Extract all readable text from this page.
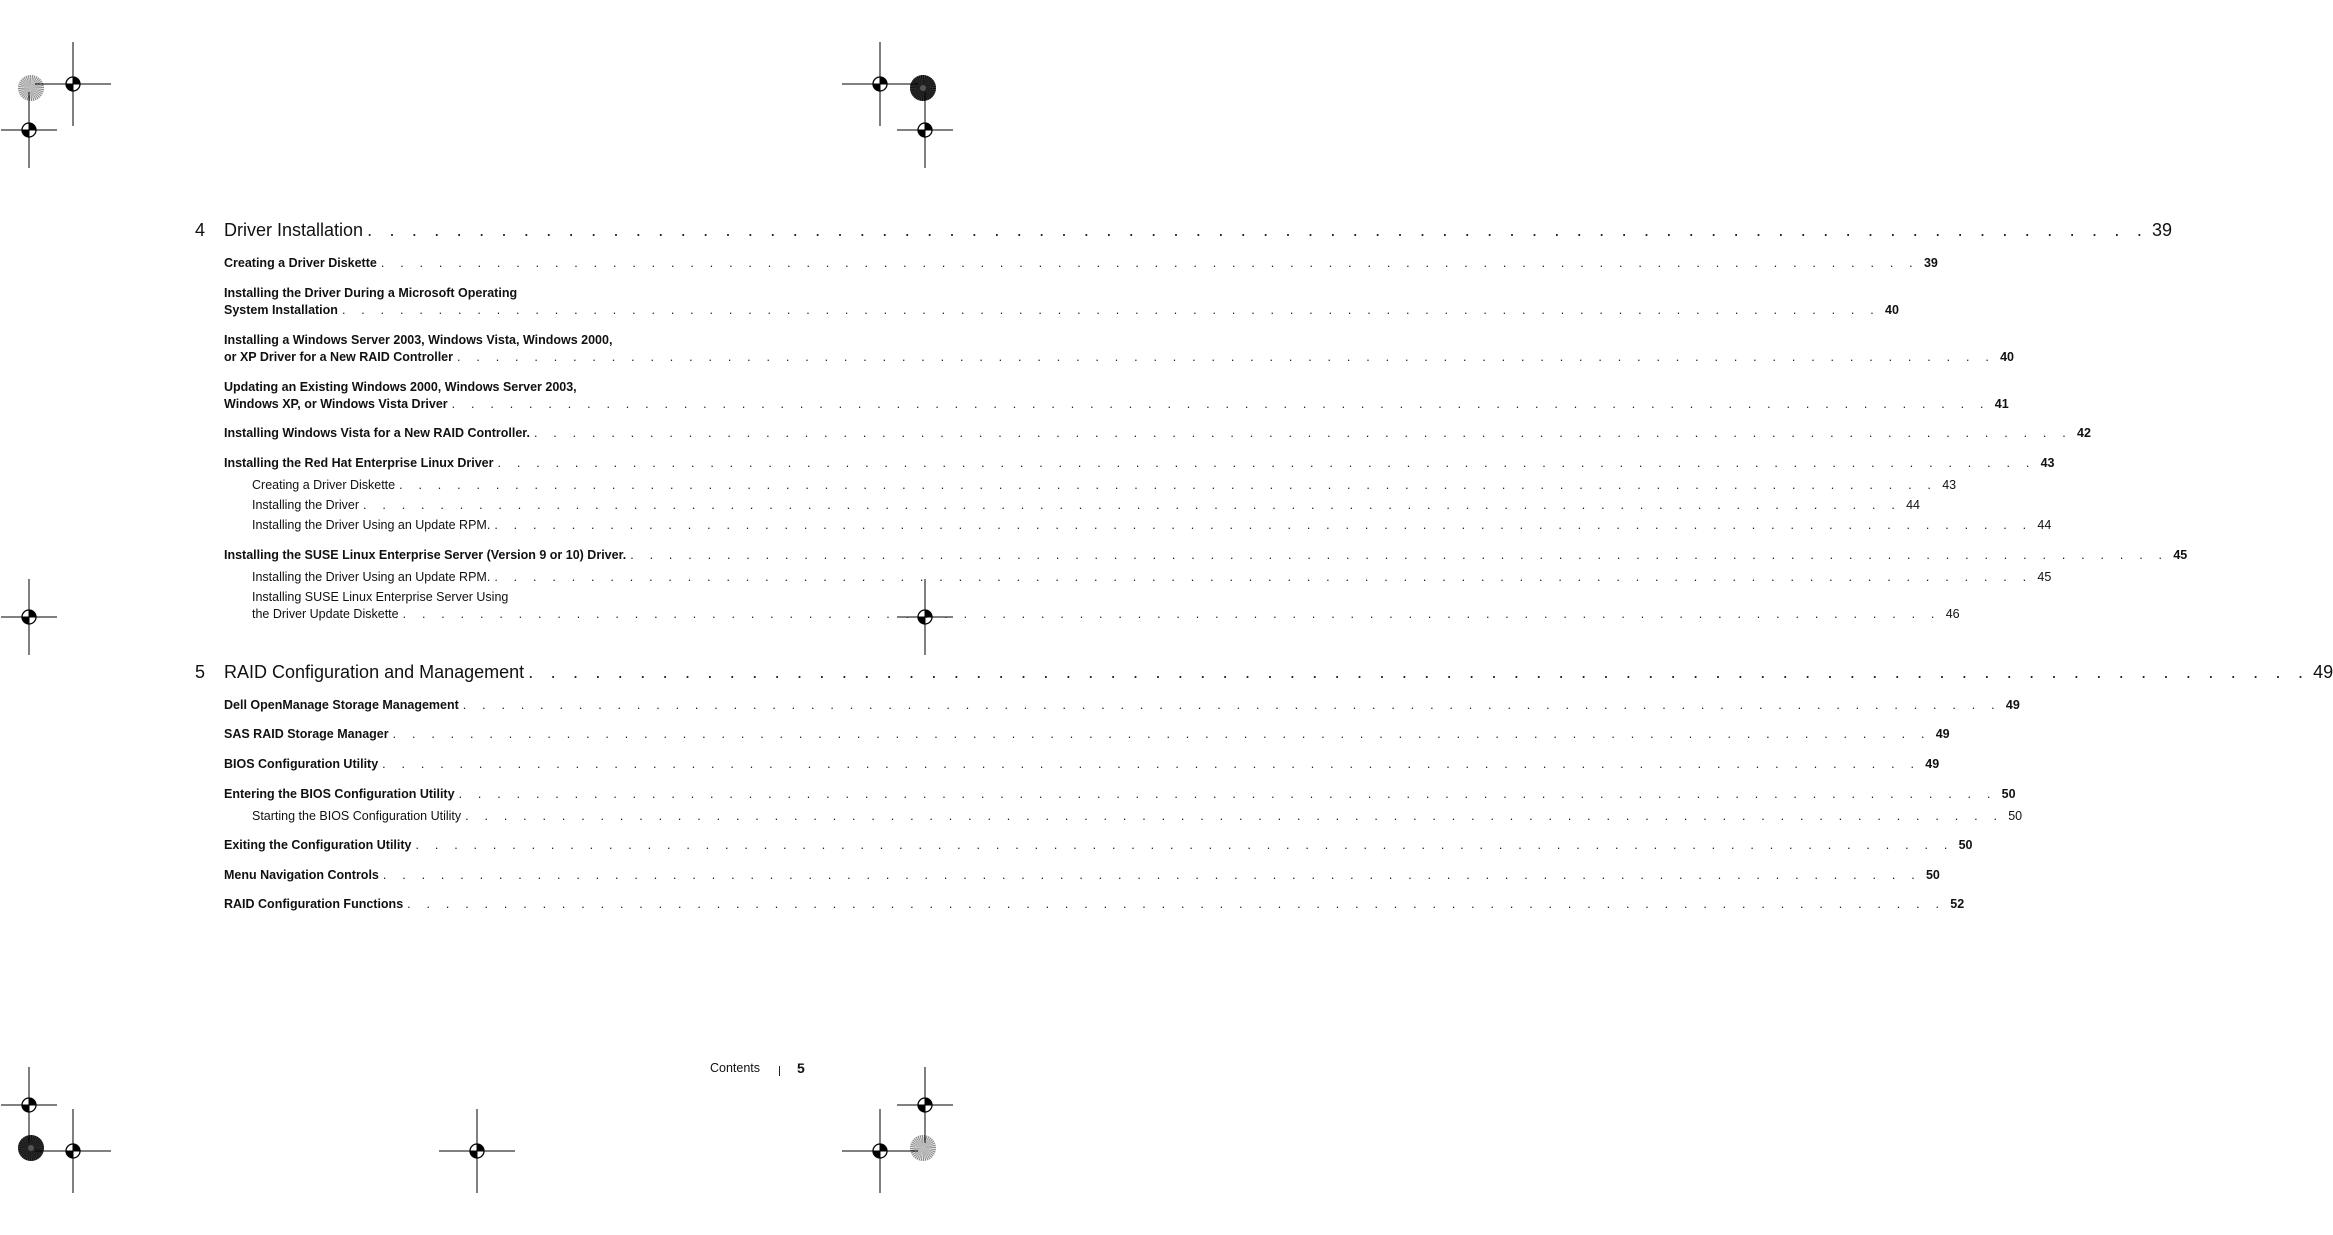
4 Driver Installation . . . . . . . . . . . . . . . . . . . . . . . . . . . . . . . . . . . . . . . . . . . . . . . . . . . . . . . . . . . . . . . . . . . . . . . . . . . . . . . . 39
Creating a Driver Diskette . . . . . . . . . . . . . . . . . . . . . . . . . . . . . . . . . . . . . . . . . . . . . . . . . . . . . . . . . . . . . . . . . . . . . . . . . . . . . . . . 39
Installing the Driver During a Microsoft Operating
System Installation . . . . . . . . . . . . . . . . . . . . . . . . . . . . . . . . . . . . . . . . . . . . . . . . . . . . . . . . . . . . . . . . . . . . . . . . . . . . . . . . 40
Installing a Windows Server 2003, Windows Vista, Windows 2000,
or XP Driver for a New RAID Controller . . . . . . . . . . . . . . . . . . . . . . . . . . . . . . . . . . . . . . . . . . . . . . . . . . . . . . . . . . . . . . . . . . . . . . . . . . . . . . . . 40
Updating an Existing Windows 2000, Windows Server 2003,
Windows XP, or Windows Vista Driver . . . . . . . . . . . . . . . . . . . . . . . . . . . . . . . . . . . . . . . . . . . . . . . . . . . . . . . . . . . . . . . . . . . . . . . . . . . . . . . . 41
Installing Windows Vista for a New RAID Controller. . . . . . . . . . . . . . . . . . . . . . . . . . . . . . . . . . . . . . . . . . . . . . . . . . . . . . . . . . . . . . . . . . . . . . . . . . . . . . . . . 42
Installing the Red Hat Enterprise Linux Driver . . . . . . . . . . . . . . . . . . . . . . . . . . . . . . . . . . . . . . . . . . . . . . . . . . . . . . . . . . . . . . . . . . . . . . . . . . . . . . . . 43
Creating a Driver Diskette . . . . . . . . . . . . . . . . . . . . . . . . . . . . . . . . . . . . . . . . . . . . . . . . . . . . . . . . . . . . . . . . . . . . . . . . . . . . . . . . 43
Installing the Driver . . . . . . . . . . . . . . . . . . . . . . . . . . . . . . . . . . . . . . . . . . . . . . . . . . . . . . . . . . . . . . . . . . . . . . . . . . . . . . . . 44
Installing the Driver Using an Update RPM. . . . . . . . . . . . . . . . . . . . . . . . . . . . . . . . . . . . . . . . . . . . . . . . . . . . . . . . . . . . . . . . . . . . . . . . . . . . . . . . . 44
Installing the SUSE Linux Enterprise Server (Version 9 or 10) Driver. . . . . . . . . . . . . . . . . . . . . . . . . . . . . . . . . . . . . . . . . . . . . . . . . . . . . . . . . . . . . . . . . . . . . . . . . . . . . . . . . 45
Installing the Driver Using an Update RPM. . . . . . . . . . . . . . . . . . . . . . . . . . . . . . . . . . . . . . . . . . . . . . . . . . . . . . . . . . . . . . . . . . . . . . . . . . . . . . . . . 45
Installing SUSE Linux Enterprise Server Using
the Driver Update Diskette . . . . . . . . . . . . . . . . . . . . . . . . . . . . . . . . . . . . . . . . . . . . . . . . . . . . . . . . . . . . . . . . . . . . . . . . . . . . . . . . 46
5 RAID Configuration and Management . . . . . . . . . . . . . . . . . . . . . . . . . . . . . . . . . . . . . . . . . . . . . . . . . . . . . . . . . . . . . . . . . . . . . . . . . . . . . . . . 49
Dell OpenManage Storage Management . . . . . . . . . . . . . . . . . . . . . . . . . . . . . . . . . . . . . . . . . . . . . . . . . . . . . . . . . . . . . . . . . . . . . . . . . . . . . . . . 49
SAS RAID Storage Manager . . . . . . . . . . . . . . . . . . . . . . . . . . . . . . . . . . . . . . . . . . . . . . . . . . . . . . . . . . . . . . . . . . . . . . . . . . . . . . . . 49
BIOS Configuration Utility . . . . . . . . . . . . . . . . . . . . . . . . . . . . . . . . . . . . . . . . . . . . . . . . . . . . . . . . . . . . . . . . . . . . . . . . . . . . . . . . 49
Entering the BIOS Configuration Utility . . . . . . . . . . . . . . . . . . . . . . . . . . . . . . . . . . . . . . . . . . . . . . . . . . . . . . . . . . . . . . . . . . . . . . . . . . . . . . . . 50
Starting the BIOS Configuration Utility . . . . . . . . . . . . . . . . . . . . . . . . . . . . . . . . . . . . . . . . . . . . . . . . . . . . . . . . . . . . . . . . . . . . . . . . . . . . . . . . 50
Exiting the Configuration Utility . . . . . . . . . . . . . . . . . . . . . . . . . . . . . . . . . . . . . . . . . . . . . . . . . . . . . . . . . . . . . . . . . . . . . . . . . . . . . . . . 50
Menu Navigation Controls . . . . . . . . . . . . . . . . . . . . . . . . . . . . . . . . . . . . . . . . . . . . . . . . . . . . . . . . . . . . . . . . . . . . . . . . . . . . . . . . 50
RAID Configuration Functions . . . . . . . . . . . . . . . . . . . . . . . . . . . . . . . . . . . . . . . . . . . . . . . . . . . . . . . . . . . . . . . . . . . . . . . . . . . . . . . . 52
Contents	5
